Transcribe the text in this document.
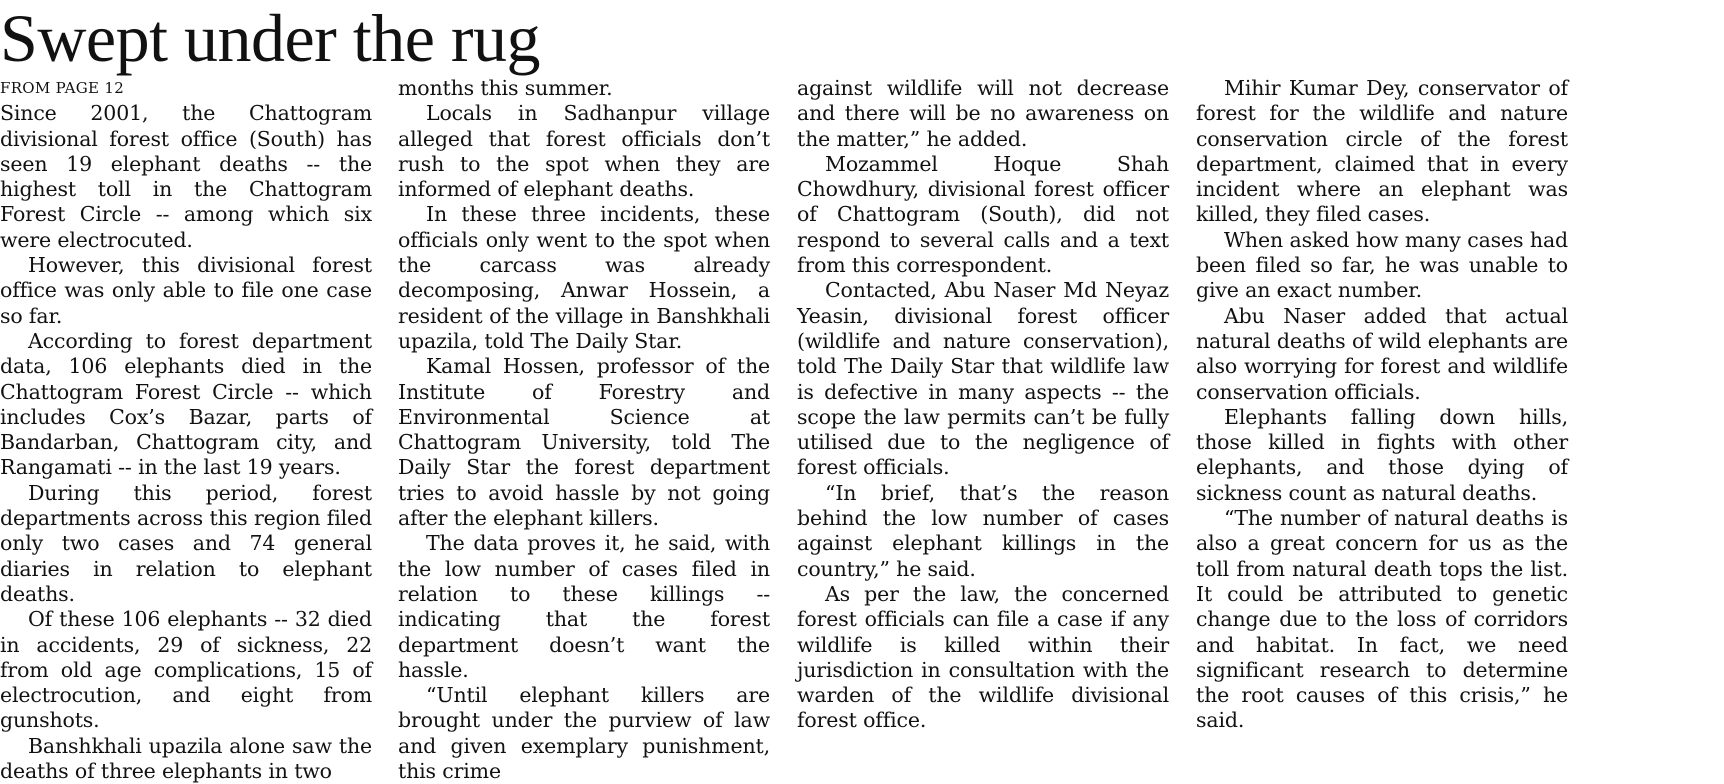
Swept under the rug
FROM PAGE 12

Since 2001, the Chattogram divisional forest office (South) has seen 19 elephant deaths -- the highest toll in the Chattogram Forest Circle -- among which six were electrocuted.

However, this divisional forest office was only able to file one case so far.

According to forest department data, 106 elephants died in the Chattogram Forest Circle -- which includes Cox’s Bazar, parts of Bandarban, Chattogram city, and Rangamati -- in the last 19 years.

During this period, forest departments across this region filed only two cases and 74 general diaries in relation to elephant deaths.

Of these 106 elephants -- 32 died in accidents, 29 of sickness, 22 from old age complications, 15 of electrocution, and eight from gunshots.

Banshkhali upazila alone saw the deaths of three elephants in two

months this summer.

Locals in Sadhanpur village alleged that forest officials don’t rush to the spot when they are informed of elephant deaths.

In these three incidents, these officials only went to the spot when the carcass was already decomposing, Anwar Hossein, a resident of the village in Banshkhali upazila, told The Daily Star.

Kamal Hossen, professor of the Institute of Forestry and Environmental Science at Chattogram University, told The Daily Star the forest department tries to avoid hassle by not going after the elephant killers.

The data proves it, he said, with the low number of cases filed in relation to these killings -- indicating that the forest department doesn’t want the hassle.

“Until elephant killers are brought under the purview of law and given exemplary punishment, this crime

against wildlife will not decrease and there will be no awareness on the matter,” he added.

Mozammel Hoque Shah Chowdhury, divisional forest officer of Chattogram (South), did not respond to several calls and a text from this correspondent.

Contacted, Abu Naser Md Neyaz Yeasin, divisional forest officer (wildlife and nature conservation), told The Daily Star that wildlife law is defective in many aspects -- the scope the law permits can’t be fully utilised due to the negligence of forest officials.

“In brief, that’s the reason behind the low number of cases against elephant killings in the country,” he said.

As per the law, the concerned forest officials can file a case if any wildlife is killed within their jurisdiction in consultation with the warden of the wildlife divisional forest office.

Mihir Kumar Dey, conservator of forest for the wildlife and nature conservation circle of the forest department, claimed that in every incident where an elephant was killed, they filed cases.

When asked how many cases had been filed so far, he was unable to give an exact number.

Abu Naser added that actual natural deaths of wild elephants are also worrying for forest and wildlife conservation officials.

Elephants falling down hills, those killed in fights with other elephants, and those dying of sickness count as natural deaths.

“The number of natural deaths is also a great concern for us as the toll from natural death tops the list. It could be attributed to genetic change due to the loss of corridors and habitat. In fact, we need significant research to determine the root causes of this crisis,” he said.
